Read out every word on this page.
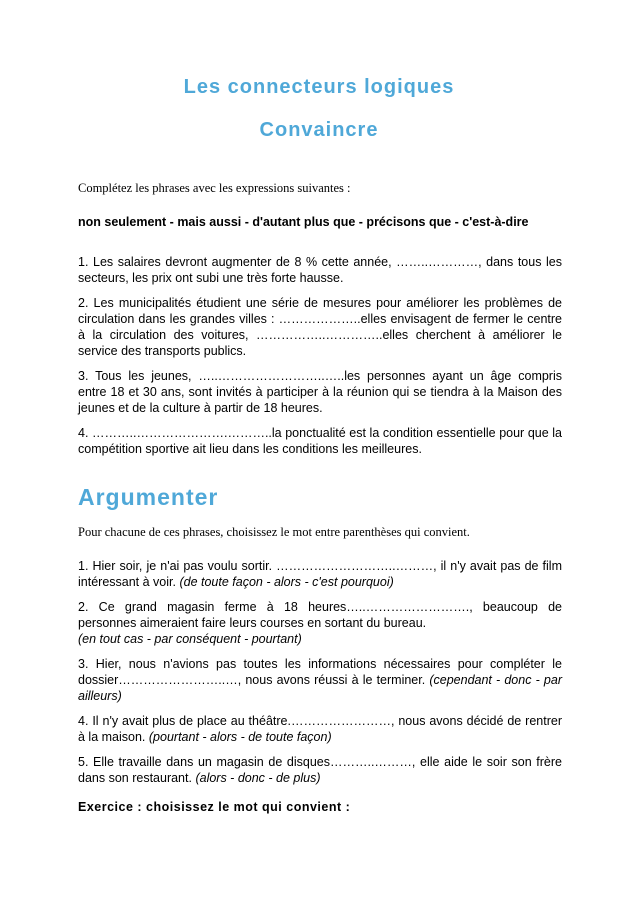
Les connecteurs logiques
Convaincre
Complétez les phrases avec les expressions suivantes :
non seulement - mais aussi - d'autant plus que - précisons que - c'est-à-dire
1. Les salaires devront augmenter de 8 % cette année, ……..…………, dans tous les secteurs, les prix ont subi une très forte hausse.
2. Les municipalités étudient une série de mesures pour améliorer les problèmes de circulation dans les grandes villes : ………………..elles envisagent de fermer le centre à la circulation des voitures, ……………..…………..elles cherchent à améliorer le service des transports publics.
3. Tous les jeunes, …..……………………..…..les personnes ayant un âge compris entre 18 et 30 ans, sont invités à participer à la réunion qui se tiendra à la Maison des jeunes et de la culture à partir de 18 heures.
4. ………..………………….………..la ponctualité est la condition essentielle pour que la compétition sportive ait lieu dans les conditions les meilleures.
Argumenter
Pour chacune de ces phrases, choisissez le mot entre parenthèses qui convient.
1. Hier soir, je n'ai pas voulu sortir. ………………………..………, il n'y avait pas de film intéressant à voir. (de toute façon - alors - c'est pourquoi)
2. Ce grand magasin ferme à 18 heures…..……………………., beaucoup de personnes aimeraient faire leurs courses en sortant du bureau.
(en tout cas - par conséquent - pourtant)
3. Hier, nous n'avions pas toutes les informations nécessaires pour compléter le dossier……………………..…, nous avons réussi à le terminer. (cependant - donc - par ailleurs)
4. Il n'y avait plus de place au théâtre.……………………, nous avons décidé de rentrer à la maison. (pourtant - alors - de toute façon)
5. Elle travaille dans un magasin de disques………..………, elle aide le soir son frère dans son restaurant. (alors - donc - de plus)
Exercice : choisissez le mot qui convient :
